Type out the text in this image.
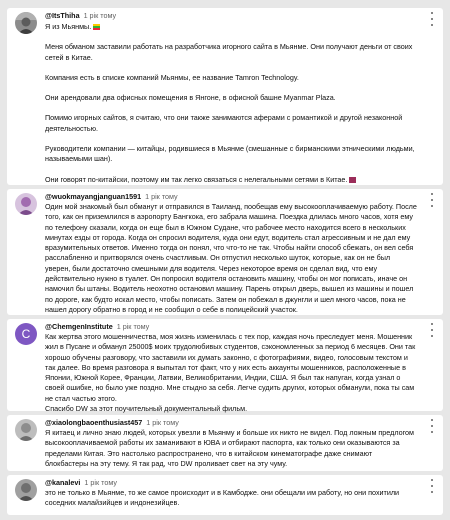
@ItsThiha 1 рік тому

Я из Мьянмы.

Меня обманом заставили работать на разработчика игорного сайта в Мьянме. Они получают деньги от своих сетей в Китае.

Компания есть в списке компаний Мьянмы, ее название Tamron Technology.

Они арендовали два офисных помещения в Янгоне, в офисной башне Myanmar Plaza.

Помимо игорных сайтов, я считаю, что они также занимаются аферами с романтикой и другой незаконной деятельностью.

Руководители компании — китайцы, родившиеся в Мьянме (смешанные с бирманскими этническими людьми, называемыми шан).

Они говорят по-китайски, поэтому им так легко связаться с нелегальными сетями в Китае.

@wuokmayangjanguan1591 1 рік тому

Один мой знакомый был обманут и отправился в Таиланд, пообещав ему высокооплачиваемую работу. После того, как он приземлился в аэропорту Бангкока, его забрала машина. Поездка длилась много часов, хотя ему по телефону сказали, когда он еще был в Южном Судане, что рабочее место находится всего в нескольких минутах езды от города. Когда он спросил водителя, куда они едут, водитель стал агрессивным и не дал ему вразумительных ответов. Именно тогда он понял, что что-то не так. Чтобы найти способ сбежать, он вел себя расслабленно и притворялся очень счастливым. Он отпустил несколько шуток, которые, как он не был уверен, были достаточно смешными для водителя. Через некоторое время он сделал вид, что ему действительно нужно в туалет. Он попросил водителя остановить машину, чтобы он мог пописать, иначе он намочил бы штаны. Водитель неохотно остановил машину. Парень открыл дверь, вышел из машины и пошел по дороге, как будто искал место, чтобы пописать. Затем он побежал в джунгли и шел много часов, пока не нашел дорогу обратно в город и не сообщил о себе в полицейский участок.

C
@ChemgenInstitute 1 рік тому

Как жертва этого мошенничества, моя жизнь изменилась с тех пор, каждая ночь преследует меня. Мошенник жил в Пусане и обманул 25000$ моих трудолюбивых студентов, сэкономленных за период 6 месяцев. Они так хорошо обучены разговору, что заставили их думать законно, с фотографиями, видео, голосовым текстом и так далее. Во время разговора я выпытал тот факт, что у них есть аккаунты мошенников, расположенные в Японии, Южной Корее, Франции, Латвии, Великобритании, Индии, США. Я был так напуган, когда узнал о своей ошибке, но было уже поздно. Мне стыдно за себя. Легче судить других, которых обманули, пока ты сам не стал частью этого.

Спасибо DW за этот поучительный документальный фильм.

@xiaolongbaoenthusiast457 1 рік тому

Я китаец и лично знаю людей, которых увезли в Мьянму и больше их никто не видел. Под ложным предлогом высокооплачиваемой работы их заманивают в ЮВА и отбирают паспорта, как только они оказываются за пределами Китая. Это настолько распространено, что в китайском кинематографе даже снимают блокбастеры на эту тему. Я так рад, что DW проливает свет на эту чуму.

@kanalevi 1 рік тому

это не только в Мьянме, то же самое происходит и в Камбодже. они обещали им работу, но они похитили соседних малайзийцев и индонезийцев.
